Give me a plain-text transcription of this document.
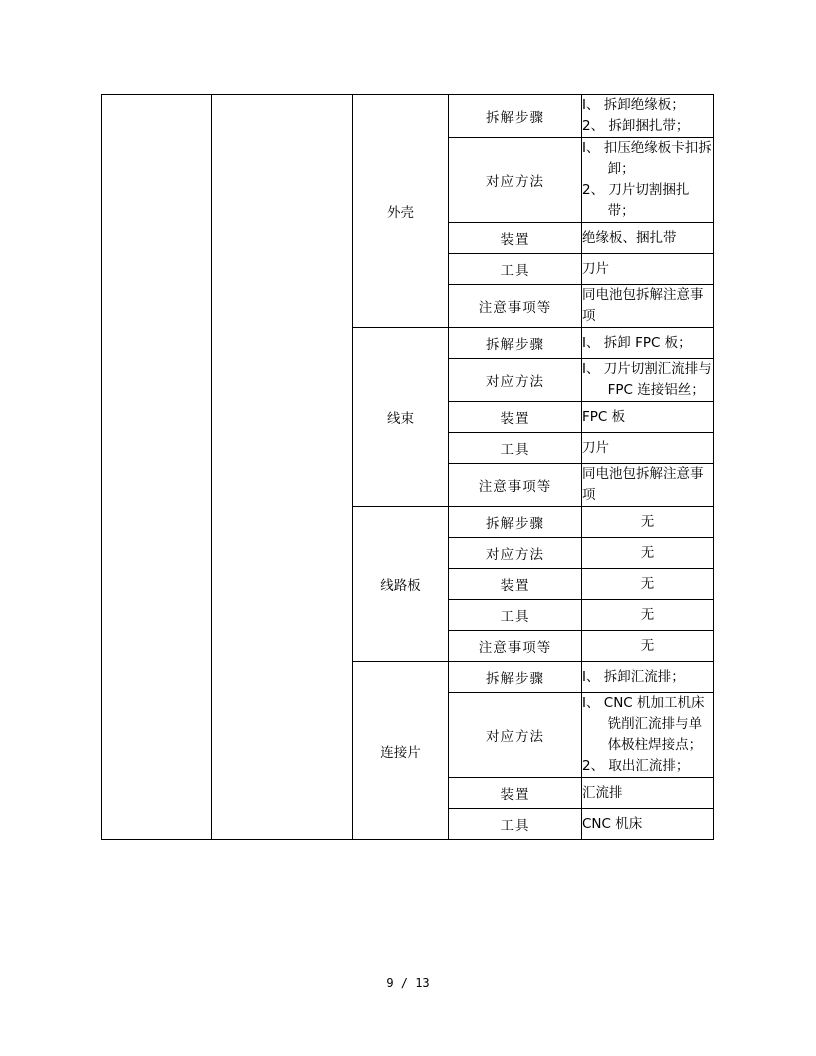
		外壳	拆解步骤	I、 拆卸绝缘板；
2、 拆卸捆扎带；

			对应方法	I、 扣压绝缘板卡扣拆卸；
2、 刀片切割捆扎带；

			装置	绝缘板、捆扎带
			工具	刀片
			注意事项等	同电池包拆解注意事项
		线束	拆解步骤	I、 拆卸 FPC 板；

			对应方法	I、 刀片切割汇流排与 FPC 连接铝丝；

			装置	FPC 板
			工具	刀片
			注意事项等	同电池包拆解注意事项
		线路板	拆解步骤	无
			对应方法	无
			装置	无
			工具	无
			注意事项等	无
		连接片	拆解步骤	I、 拆卸汇流排；

			对应方法	I、 CNC 机加工机床铣削汇流排与单体极柱焊接点；
2、 取出汇流排；

			装置	汇流排
			工具	CNC 机床
9 / 13
